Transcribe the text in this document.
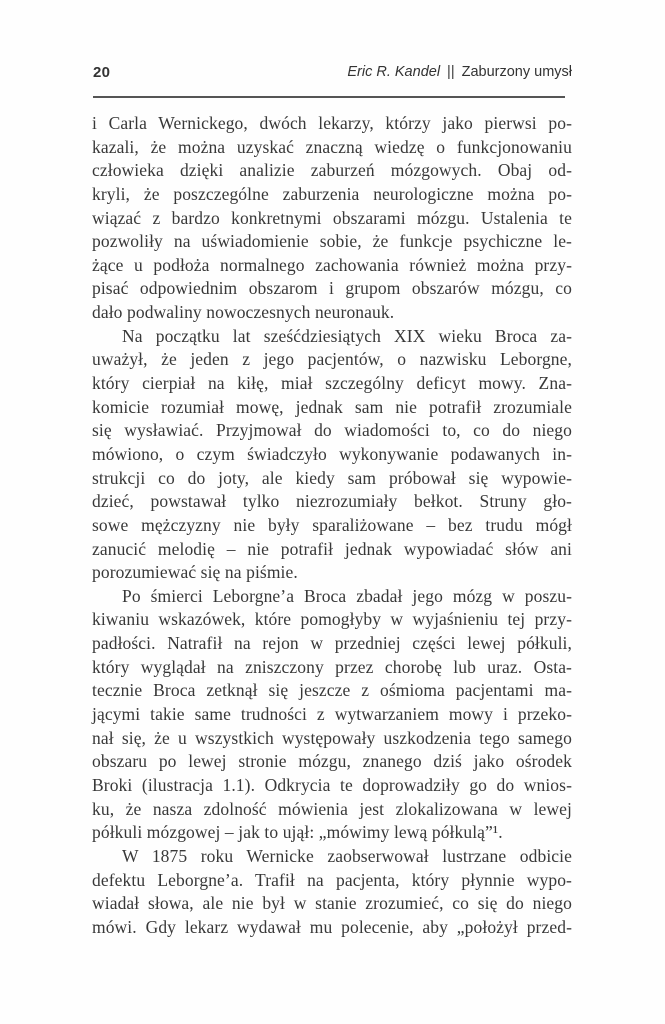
20	Eric R. Kandel || Zaburzony umysł
i Carla Wernickego, dwóch lekarzy, którzy jako pierwsi po-
kazali, że można uzyskać znaczną wiedzę o funkcjonowaniu
człowieka dzięki analizie zaburzeń mózgowych. Obaj od-
kryli, że poszczególne zaburzenia neurologiczne można po-
wiązać z bardzo konkretnymi obszarami mózgu. Ustalenia te
pozwoliły na uświadomienie sobie, że funkcje psychiczne le-
żące u podłoża normalnego zachowania również można przy-
pisać odpowiednim obszarom i grupom obszarów mózgu, co
dało podwaliny nowoczesnych neuronauk.
Na początku lat sześćdziesiątych XIX wieku Broca za-
uważył, że jeden z jego pacjentów, o nazwisku Leborgne,
który cierpiał na kiłę, miał szczególny deficyt mowy. Zna-
komicie rozumiał mowę, jednak sam nie potrafił zrozumiale
się wysławiać. Przyjmował do wiadomości to, co do niego
mówiono, o czym świadczyło wykonywanie podawanych in-
strukcji co do joty, ale kiedy sam próbował się wypowie-
dzieć, powstawał tylko niezrozumiały bełkot. Struny gło-
sowe mężczyzny nie były sparaliżowane – bez trudu mógł
zanucić melodię – nie potrafił jednak wypowiadać słów ani
porozumiewać się na piśmie.
Po śmierci Leborgne’a Broca zbadał jego mózg w poszu-
kiwaniu wskazówek, które pomogłyby w wyjaśnieniu tej przy-
padłości. Natrafił na rejon w przedniej części lewej półkuli,
który wyglądał na zniszczony przez chorobę lub uraz. Osta-
tecznie Broca zetknął się jeszcze z ośmioma pacjentami ma-
jącymi takie same trudności z wytwarzaniem mowy i przeko-
nał się, że u wszystkich występowały uszkodzenia tego samego
obszaru po lewej stronie mózgu, znanego dziś jako ośrodek
Broki (ilustracja 1.1). Odkrycia te doprowadziły go do wnios-
ku, że nasza zdolność mówienia jest zlokalizowana w lewej
półkuli mózgowej – jak to ujął: „mówimy lewą półkulą”¹.
W 1875 roku Wernicke zaobserwował lustrzane odbicie
defektu Leborgne’a. Trafił na pacjenta, który płynnie wypo-
wiadał słowa, ale nie był w stanie zrozumieć, co się do niego
mówi. Gdy lekarz wydawał mu polecenie, aby „położył przed-
